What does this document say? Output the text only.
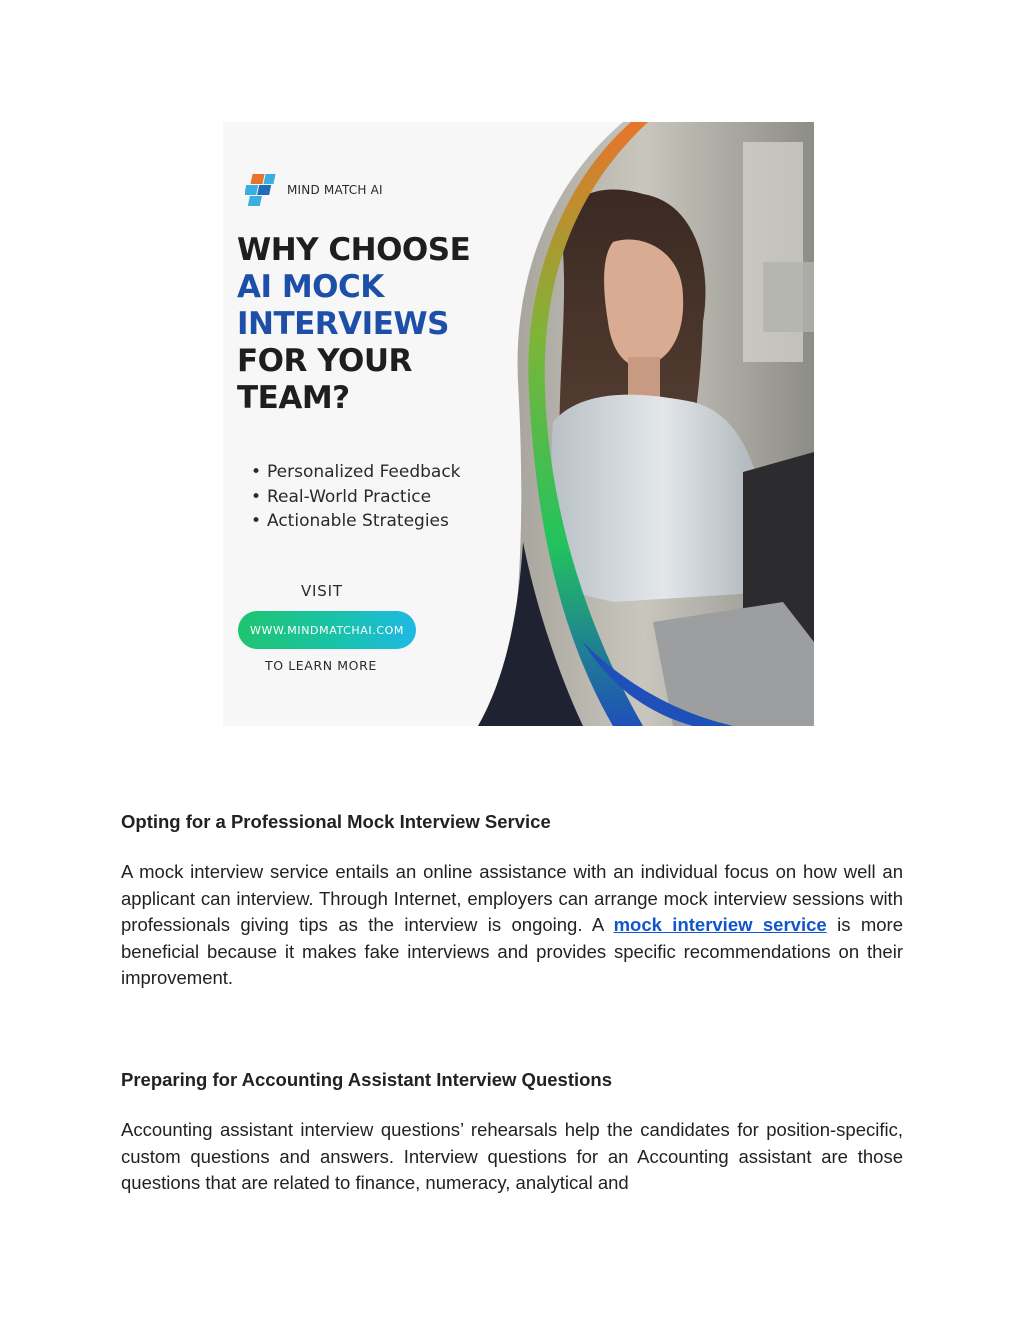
MIND MATCH AI
WHY CHOOSE
AI MOCK
INTERVIEWS
FOR YOUR
TEAM?
• Personalized Feedback
• Real-World Practice
• Actionable Strategies
VISIT
WWW.MINDMATCHAI.COM
TO LEARN MORE
Opting for a Professional Mock Interview Service

A mock interview service entails an online assistance with an individual focus on how well an applicant can interview. Through Internet, employers can arrange mock interview sessions with professionals giving tips as the interview is ongoing. A mock interview service is more beneficial because it makes fake interviews and provides specific recommendations on their improvement.

Preparing for Accounting Assistant Interview Questions

Accounting assistant interview questions’ rehearsals help the candidates for position-specific, custom questions and answers. Interview questions for an Accounting assistant are those questions that are related to finance, numeracy, analytical and
